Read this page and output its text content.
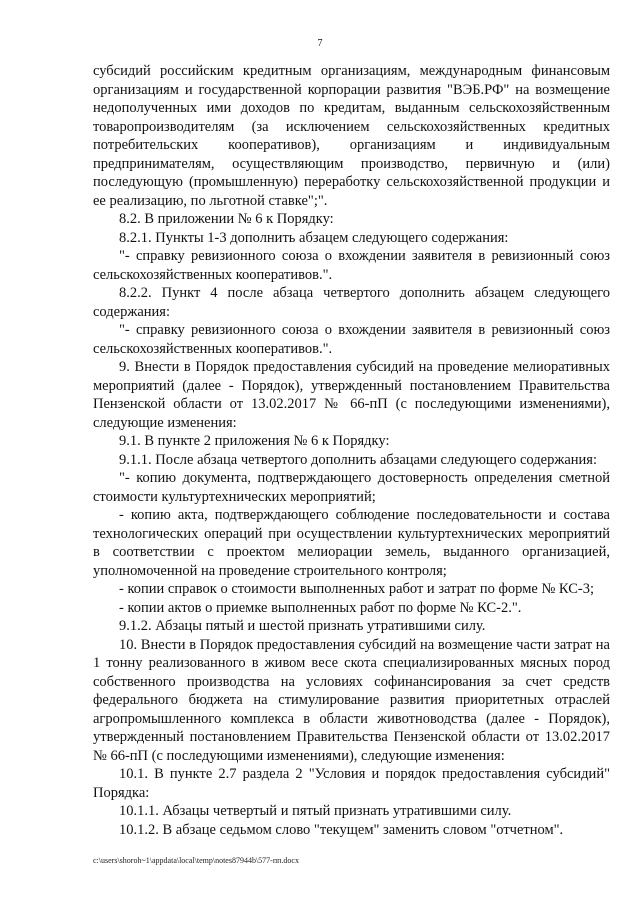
7

субсидий российским кредитным организациям, международным финансовым организациям и государственной корпорации развития "ВЭБ.РФ" на возмещение недополученных ими доходов по кредитам, выданным сельскохозяйственным товаропроизводителям (за исключением сельскохозяйственных кредитных потребительских кооперативов), организациям и индивидуальным предпринимателям, осуществляющим производство, первичную и (или) последующую (промышленную) переработку сельскохозяйственной продукции и ее реализацию, по льготной ставке";".

8.2. В приложении № 6 к Порядку:

8.2.1. Пункты 1-3 дополнить абзацем следующего содержания:

"- справку ревизионного союза о вхождении заявителя в ревизионный союз сельскохозяйственных кооперативов.".

8.2.2. Пункт 4 после абзаца четвертого дополнить абзацем следующего содержания:

"- справку ревизионного союза о вхождении заявителя в ревизионный союз сельскохозяйственных кооперативов.".

9. Внести в Порядок предоставления субсидий на проведение мелиоративных мероприятий (далее - Порядок), утвержденный постановлением Правительства Пензенской области от 13.02.2017 № 66-пП (с последующими изменениями), следующие изменения:

9.1. В пункте 2 приложения № 6 к Порядку:

9.1.1. После абзаца четвертого дополнить абзацами следующего содержания:

"- копию документа, подтверждающего достоверность определения сметной стоимости культуртехнических мероприятий;

- копию акта, подтверждающего соблюдение последовательности и состава технологических операций при осуществлении культуртехнических мероприятий в соответствии с проектом мелиорации земель, выданного организацией, уполномоченной на проведение строительного контроля;

- копии справок о стоимости выполненных работ и затрат по форме № КС-3;

- копии актов о приемке выполненных работ по форме № КС-2.".

9.1.2. Абзацы пятый и шестой признать утратившими силу.

10. Внести в Порядок предоставления субсидий на возмещение части затрат на 1 тонну реализованного в живом весе скота специализированных мясных пород собственного производства на условиях софинансирования за счет средств федерального бюджета на стимулирование развития приоритетных отраслей агропромышленного комплекса в области животноводства (далее - Порядок), утвержденный постановлением Правительства Пензенской области от 13.02.2017 № 66-пП (с последующими изменениями), следующие изменения:

10.1. В пункте 2.7 раздела 2 "Условия и порядок предоставления субсидий" Порядка:

10.1.1. Абзацы четвертый и пятый признать утратившими силу.

10.1.2. В абзаце седьмом слово "текущем" заменить словом "отчетном".

c:\users\shoroh~1\appdata\local\temp\notes87944b\577-пп.docx
